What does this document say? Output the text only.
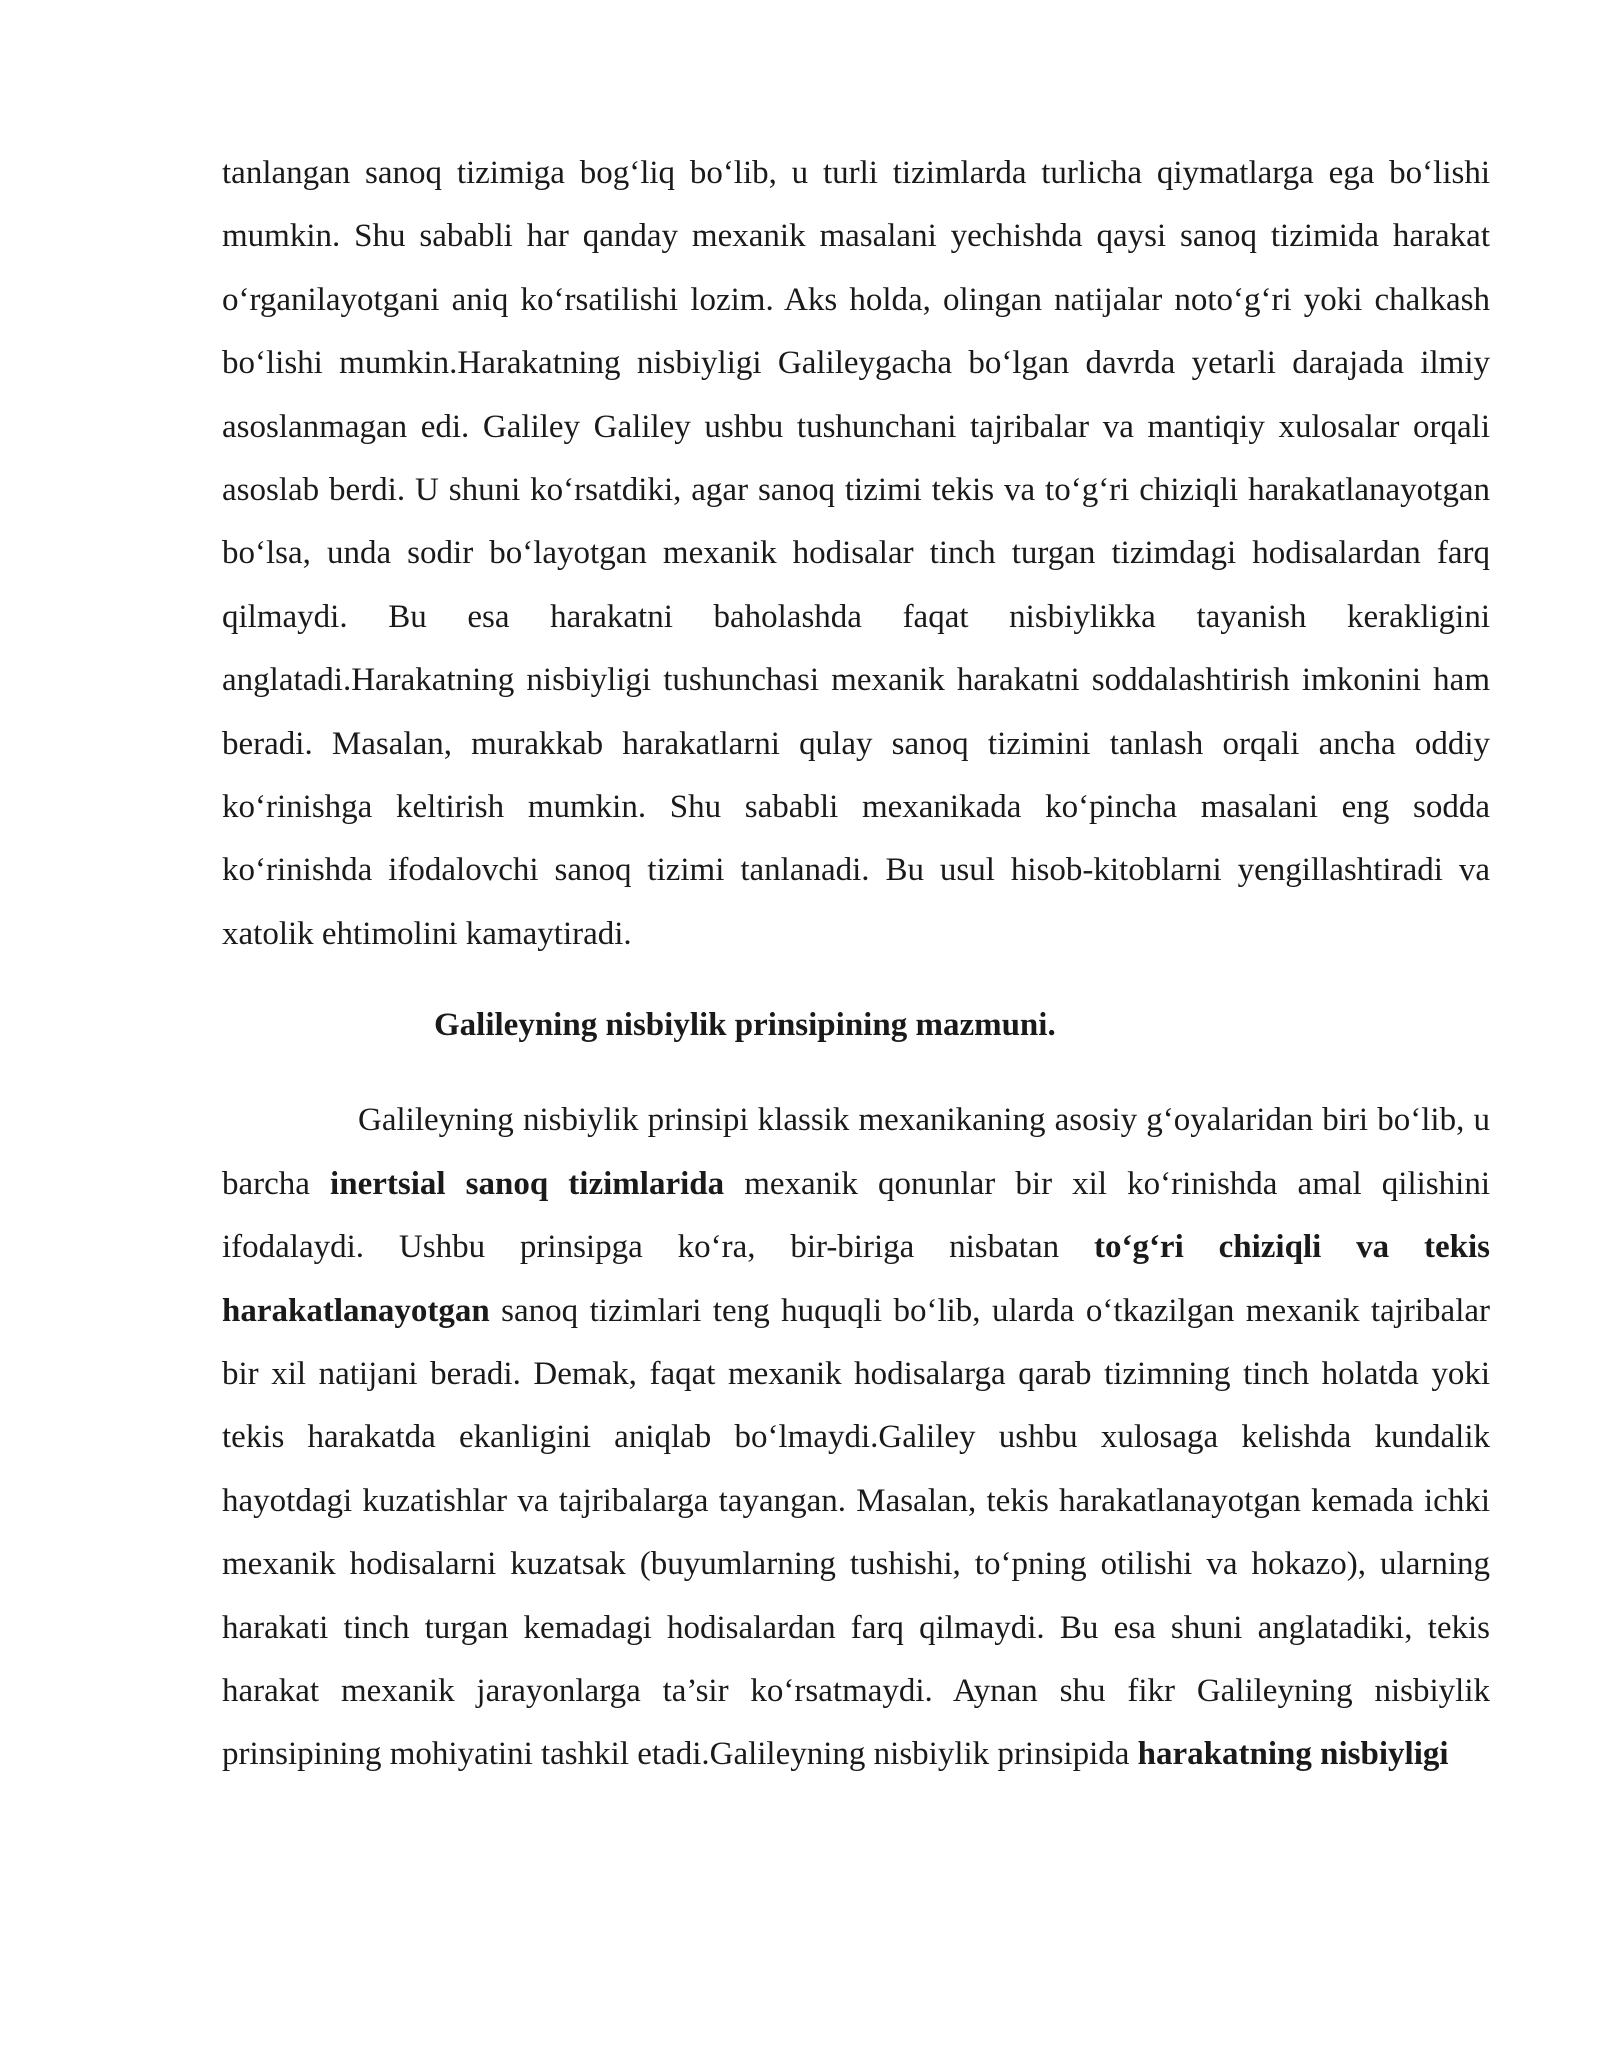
tanlangan sanoq tizimiga bog‘liq bo‘lib, u turli tizimlarda turlicha qiymatlarga ega bo‘lishi mumkin. Shu sababli har qanday mexanik masalani yechishda qaysi sanoq tizimida harakat o‘rganilayotgani aniq ko‘rsatilishi lozim. Aks holda, olingan natijalar noto‘g‘ri yoki chalkash bo‘lishi mumkin.Harakatning nisbiyligi Galileygacha bo‘lgan davrda yetarli darajada ilmiy asoslanmagan edi. Galiley Galiley ushbu tushunchani tajribalar va mantiqiy xulosalar orqali asoslab berdi. U shuni ko‘rsatdiki, agar sanoq tizimi tekis va to‘g‘ri chiziqli harakatlanayotgan bo‘lsa, unda sodir bo‘layotgan mexanik hodisalar tinch turgan tizimdagi hodisalardan farq qilmaydi. Bu esa harakatni baholashda faqat nisbiylikka tayanish kerakligini anglatadi.Harakatning nisbiyligi tushunchasi mexanik harakatni soddalashtirish imkonini ham beradi. Masalan, murakkab harakatlarni qulay sanoq tizimini tanlash orqali ancha oddiy ko‘rinishga keltirish mumkin. Shu sababli mexanikada ko‘pincha masalani eng sodda ko‘rinishda ifodalovchi sanoq tizimi tanlanadi. Bu usul hisob-kitoblarni yengillashtiradi va xatolik ehtimolini kamaytiradi.

Galileyning nisbiylik prinsipining mazmuni.

Galileyning nisbiylik prinsipi klassik mexanikaning asosiy g‘oyalaridan biri bo‘lib, u barcha inertsial sanoq tizimlarida mexanik qonunlar bir xil ko‘rinishda amal qilishini ifodalaydi. Ushbu prinsipga ko‘ra, bir-biriga nisbatan to‘g‘ri chiziqli va tekis harakatlanayotgan sanoq tizimlari teng huquqli bo‘lib, ularda o‘tkazilgan mexanik tajribalar bir xil natijani beradi. Demak, faqat mexanik hodisalarga qarab tizimning tinch holatda yoki tekis harakatda ekanligini aniqlab bo‘lmaydi.Galiley ushbu xulosaga kelishda kundalik hayotdagi kuzatishlar va tajribalarga tayangan. Masalan, tekis harakatlanayotgan kemada ichki mexanik hodisalarni kuzatsak (buyumlarning tushishi, to‘pning otilishi va hokazo), ularning harakati tinch turgan kemadagi hodisalardan farq qilmaydi. Bu esa shuni anglatadiki, tekis harakat mexanik jarayonlarga ta’sir ko‘rsatmaydi. Aynan shu fikr Galileyning nisbiylik prinsipining mohiyatini tashkil etadi.Galileyning nisbiylik prinsipida harakatning nisbiyligi
